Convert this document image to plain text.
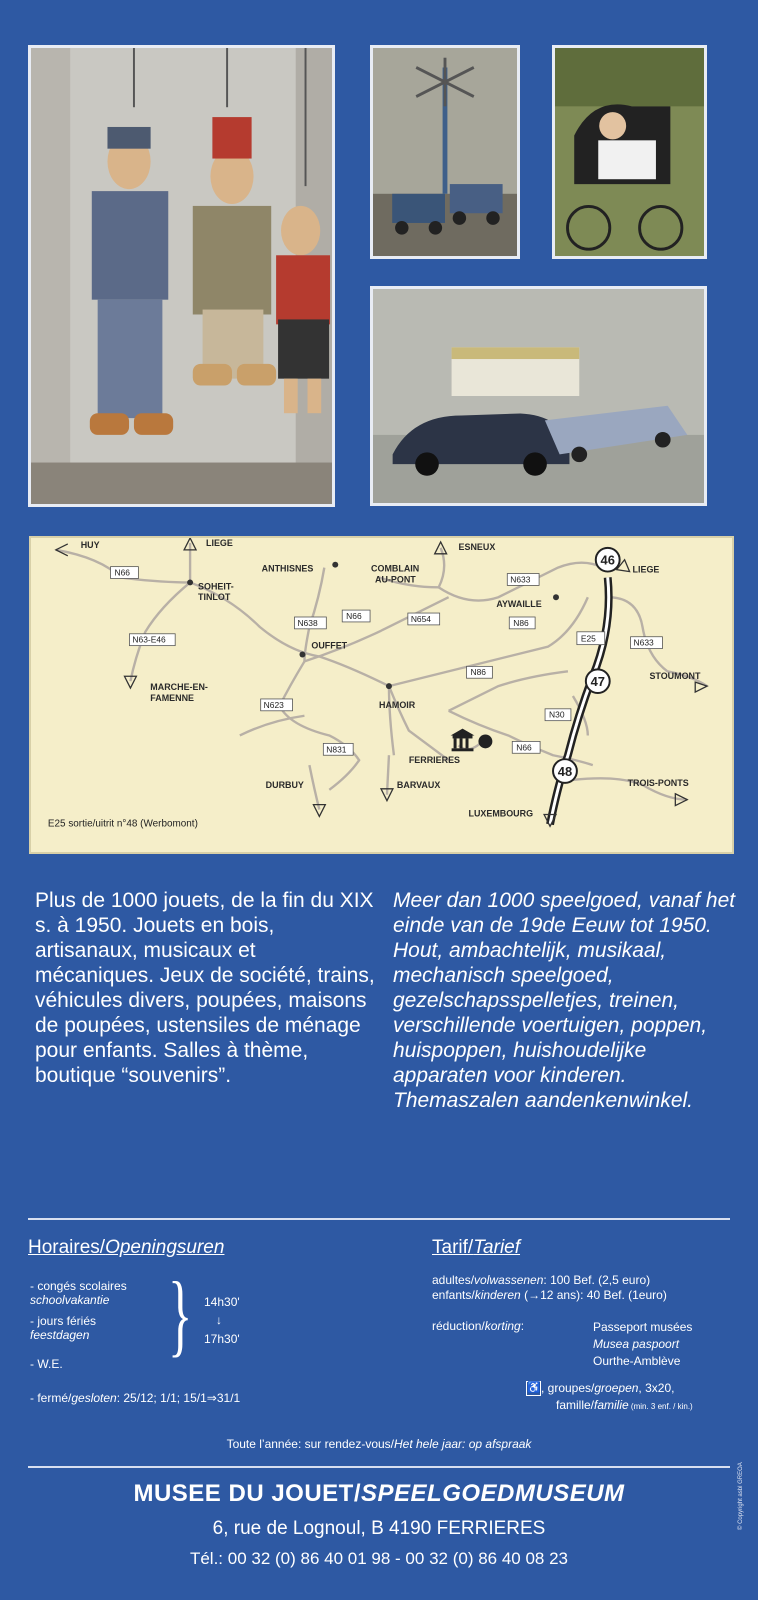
46
47
48
N66
N63-E46
N638
N66	N654
N633
N86
E25	N633
N623
N86
N30
N831	N66
HUY	LIEGE
SOHEIT-
TINLOT
ANTHISNES	COMBLAIN
AU-PONT
ESNEUX
LIEGE
AYWAILLE
OUFFET
MARCHE-EN-
FAMENNE
HAMOIR
STOUMONT
FERRIERES
DURBUY	BARVAUX	TROIS-PONTS
LUXEMBOURG
E25 sortie/uitrit n°48 (Werbomont)
Plus de 1000 jouets, de la fin du XIX s. à 1950. Jouets en bois, artisanaux, musicaux et mécaniques. Jeux de société, trains, véhicules divers, poupées, maisons de poupées, ustensiles de ménage pour enfants. Salles à thème, boutique “souvenirs”.
Meer dan 1000 speelgoed, vanaf het einde van de 19de Eeuw tot 1950. Hout, ambachtelijk, musikaal, mechanisch speelgoed, gezelschapsspelletjes, treinen, verschillende voertuigen, poppen, huispoppen, huishoudelijke apparaten voor kinderen. Themaszalen aandenkenwinkel.
Horaires/Openingsuren
- congés scolaires
schoolvakantie
- jours fériés
feestdagen
- W.E. } 14h30'
↓
17h30'
- fermé/gesloten: 25/12; 1/1; 15/1⇒31/1
Tarif/Tarief
adultes/volwassenen: 100 Bef. (2,5 euro)
enfants/kinderen (→12 ans): 40 Bef. (1euro)
réduction/korting:	Passeport musées
Musea paspoort
Ourthe-Amblève
♿ , groupes/groepen, 3x20,
famille/familie (min. 3 enf. / kin.)
Toute l’année: sur rendez-vous/Het hele jaar: op afspraak
MUSEE DU JOUET/SPEELGOEDMUSEUM
6, rue de Lognoul, B 4190 FERRIERES
Tél.: 00 32 (0) 86 40 01 98 - 00 32 (0) 86 40 08 23
© Copyright asbl GREOA
